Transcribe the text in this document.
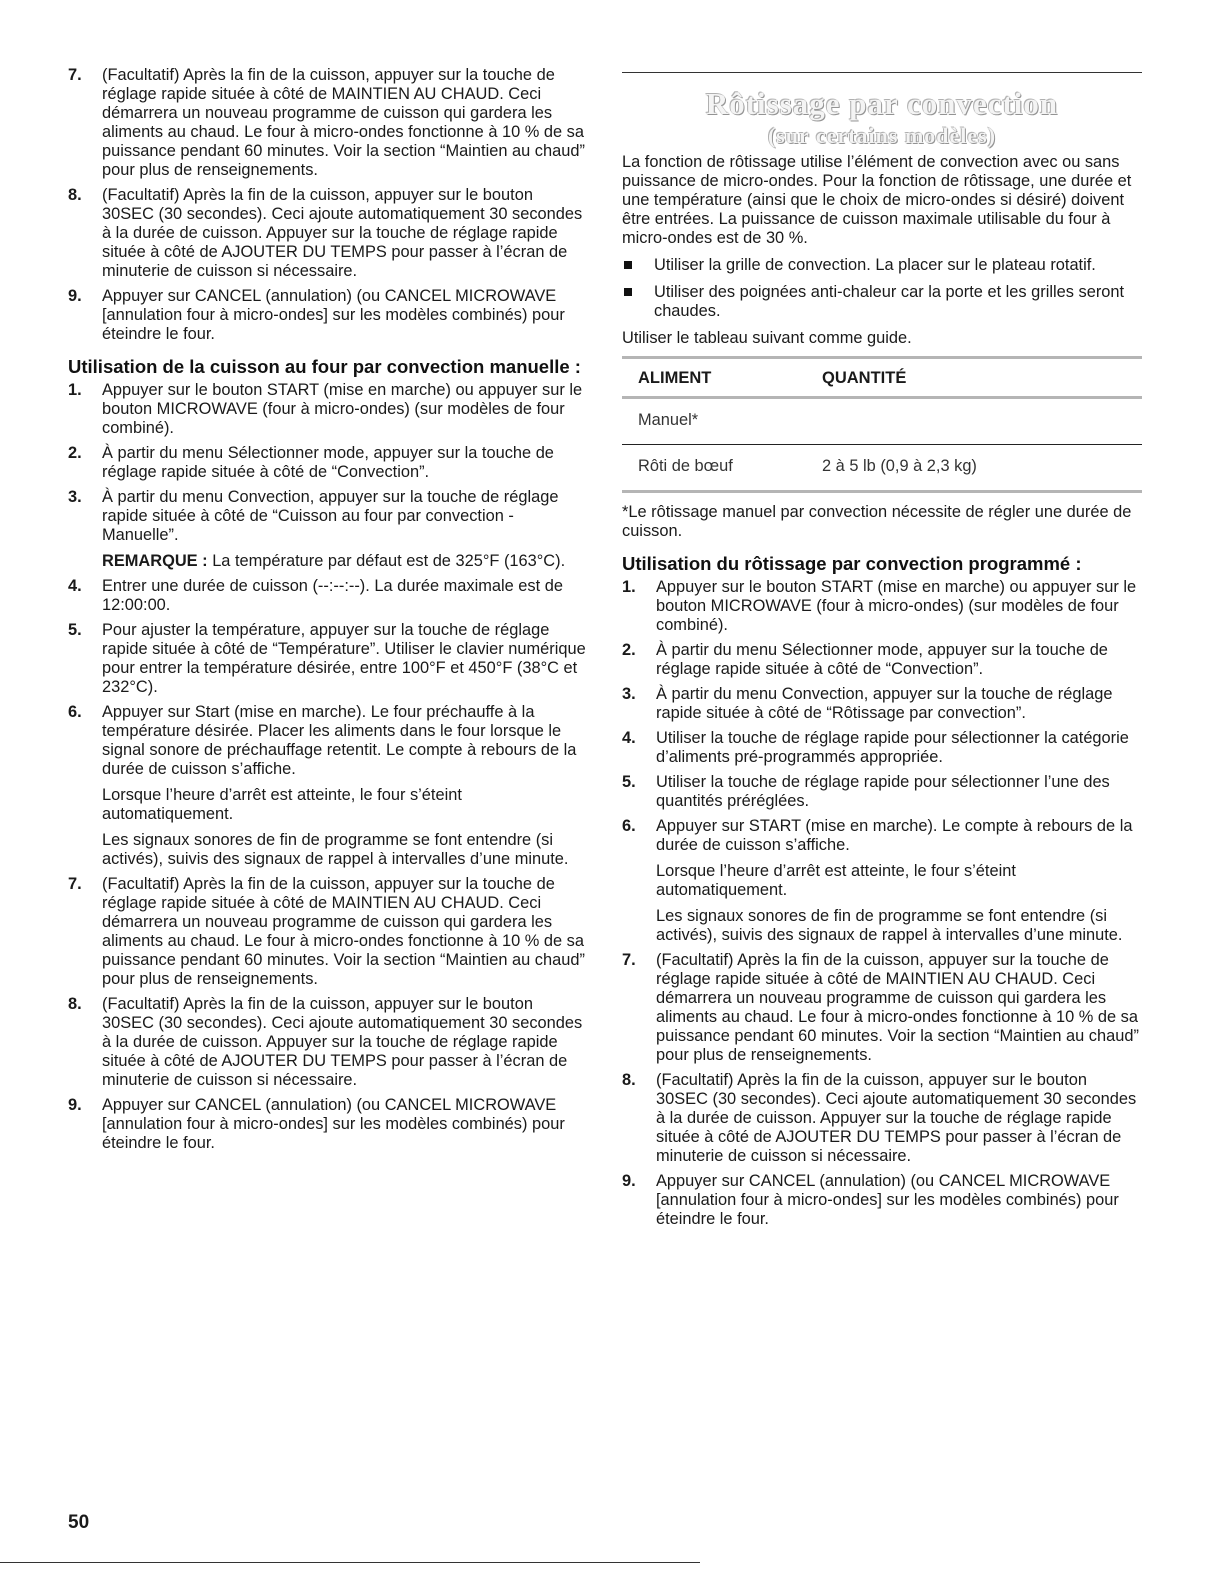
7. (Facultatif) Après la fin de la cuisson, appuyer sur la touche de réglage rapide située à côté de MAINTIEN AU CHAUD. Ceci démarrera un nouveau programme de cuisson qui gardera les aliments au chaud. Le four à micro-ondes fonctionne à 10 % de sa puissance pendant 60 minutes. Voir la section “Maintien au chaud” pour plus de renseignements.
8. (Facultatif) Après la fin de la cuisson, appuyer sur le bouton 30SEC (30 secondes). Ceci ajoute automatiquement 30 secondes à la durée de cuisson. Appuyer sur la touche de réglage rapide située à côté de AJOUTER DU TEMPS pour passer à l’écran de minuterie de cuisson si nécessaire.
9. Appuyer sur CANCEL (annulation) (ou CANCEL MICROWAVE [annulation four à micro-ondes] sur les modèles combinés) pour éteindre le four.
Utilisation de la cuisson au four par convection manuelle :
1. Appuyer sur le bouton START (mise en marche) ou appuyer sur le bouton MICROWAVE (four à micro-ondes) (sur modèles de four combiné).
2. À partir du menu Sélectionner mode, appuyer sur la touche de réglage rapide située à côté de “Convection”.
3. À partir du menu Convection, appuyer sur la touche de réglage rapide située à côté de “Cuisson au four par convection - Manuelle”.
REMARQUE : La température par défaut est de 325°F (163°C).
4. Entrer une durée de cuisson (--:--:--). La durée maximale est de 12:00:00.
5. Pour ajuster la température, appuyer sur la touche de réglage rapide située à côté de “Température”. Utiliser le clavier numérique pour entrer la température désirée, entre 100°F et 450°F (38°C et 232°C).
6. Appuyer sur Start (mise en marche). Le four préchauffe à la température désirée. Placer les aliments dans le four lorsque le signal sonore de préchauffage retentit. Le compte à rebours de la durée de cuisson s’affiche.
Lorsque l’heure d’arrêt est atteinte, le four s’éteint automatiquement.
Les signaux sonores de fin de programme se font entendre (si activés), suivis des signaux de rappel à intervalles d’une minute.
7. (Facultatif) Après la fin de la cuisson, appuyer sur la touche de réglage rapide située à côté de MAINTIEN AU CHAUD. Ceci démarrera un nouveau programme de cuisson qui gardera les aliments au chaud. Le four à micro-ondes fonctionne à 10 % de sa puissance pendant 60 minutes. Voir la section “Maintien au chaud” pour plus de renseignements.
8. (Facultatif) Après la fin de la cuisson, appuyer sur le bouton 30SEC (30 secondes). Ceci ajoute automatiquement 30 secondes à la durée de cuisson. Appuyer sur la touche de réglage rapide située à côté de AJOUTER DU TEMPS pour passer à l’écran de minuterie de cuisson si nécessaire.
9. Appuyer sur CANCEL (annulation) (ou CANCEL MICROWAVE [annulation four à micro-ondes] sur les modèles combinés) pour éteindre le four.
Rôtissage par convection
(sur certains modèles)

La fonction de rôtissage utilise l’élément de convection avec ou sans puissance de micro-ondes. Pour la fonction de rôtissage, une durée et une température (ainsi que le choix de micro-ondes si désiré) doivent être entrées. La puissance de cuisson maximale utilisable du four à micro-ondes est de 30 %.

Utiliser la grille de convection. La placer sur le plateau rotatif.
Utiliser des poignées anti-chaleur car la porte et les grilles seront chaudes.

Utiliser le tableau suivant comme guide.

ALIMENT	QUANTITÉ
Manuel*	
Rôti de bœuf	2 à 5 lb (0,9 à 2,3 kg)

*Le rôtissage manuel par convection nécessite de régler une durée de cuisson.

Utilisation du rôtissage par convection programmé :
1. Appuyer sur le bouton START (mise en marche) ou appuyer sur le bouton MICROWAVE (four à micro-ondes) (sur modèles de four combiné).
2. À partir du menu Sélectionner mode, appuyer sur la touche de réglage rapide située à côté de “Convection”.
3. À partir du menu Convection, appuyer sur la touche de réglage rapide située à côté de “Rôtissage par convection”.
4. Utiliser la touche de réglage rapide pour sélectionner la catégorie d’aliments pré-programmés appropriée.
5. Utiliser la touche de réglage rapide pour sélectionner l’une des quantités préréglées.
6. Appuyer sur START (mise en marche). Le compte à rebours de la durée de cuisson s’affiche.
Lorsque l’heure d’arrêt est atteinte, le four s’éteint automatiquement.
Les signaux sonores de fin de programme se font entendre (si activés), suivis des signaux de rappel à intervalles d’une minute.
7. (Facultatif) Après la fin de la cuisson, appuyer sur la touche de réglage rapide située à côté de MAINTIEN AU CHAUD. Ceci démarrera un nouveau programme de cuisson qui gardera les aliments au chaud. Le four à micro-ondes fonctionne à 10 % de sa puissance pendant 60 minutes. Voir la section “Maintien au chaud” pour plus de renseignements.
8. (Facultatif) Après la fin de la cuisson, appuyer sur le bouton 30SEC (30 secondes). Ceci ajoute automatiquement 30 secondes à la durée de cuisson. Appuyer sur la touche de réglage rapide située à côté de AJOUTER DU TEMPS pour passer à l’écran de minuterie de cuisson si nécessaire.
9. Appuyer sur CANCEL (annulation) (ou CANCEL MICROWAVE [annulation four à micro-ondes] sur les modèles combinés) pour éteindre le four.
50
